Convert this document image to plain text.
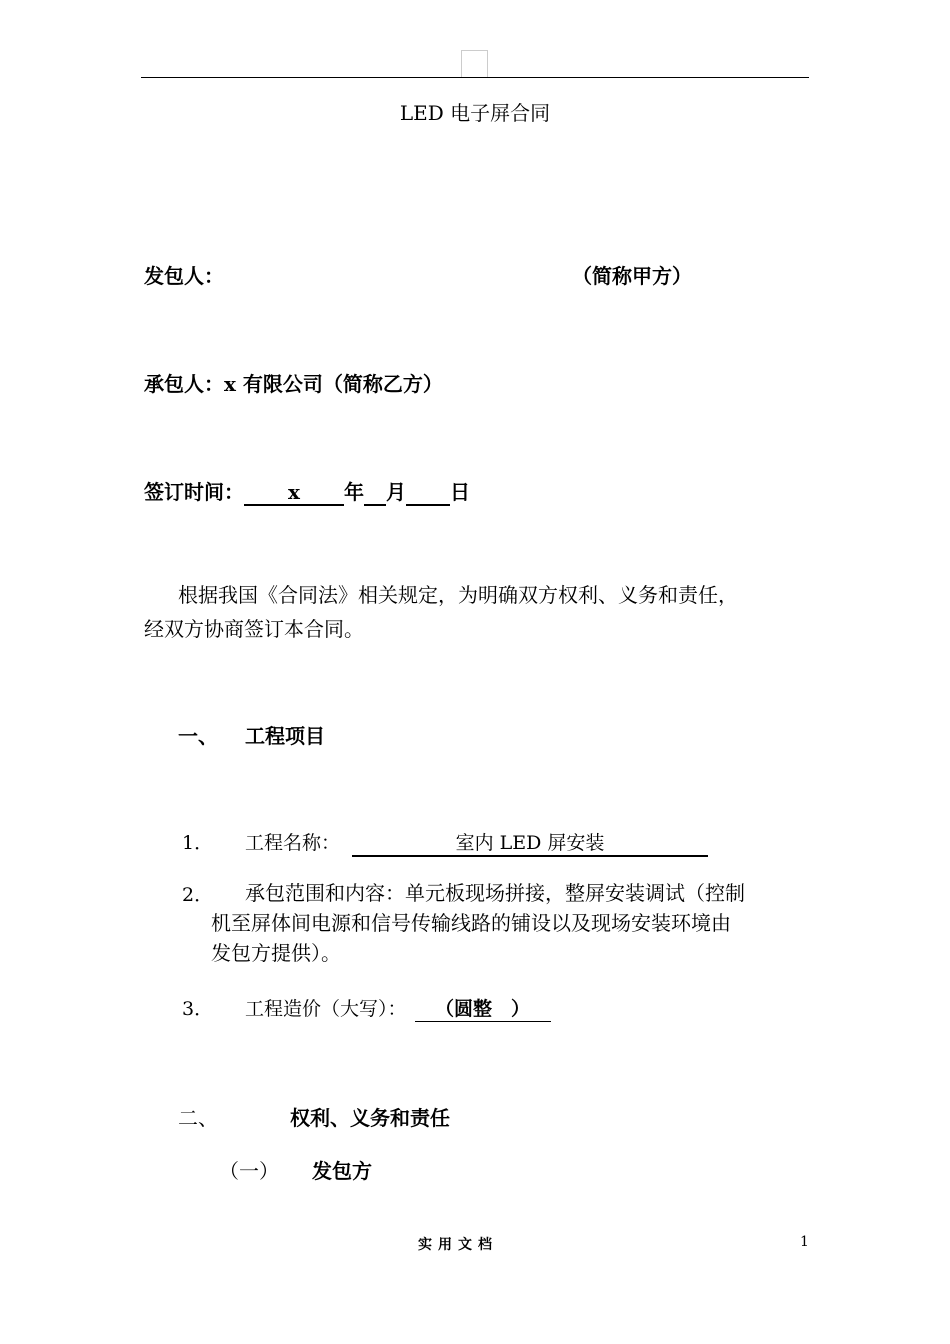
LED 电子屏合同
发包人：	（简称甲方）
承包人：x 有限公司（简称乙方）
签订时间： x 年 月 日
根据我国《合同法》相关规定，为明确双方权利、义务和责任，
经双方协商签订本合同。
一、 工程项目
1． 工程名称：	室内 LED 屏安装
2． 承包范围和内容：单元板现场拼接，整屏安装调试（控制
机至屏体间电源和信号传输线路的铺设以及现场安装环境由
发包方提供）。
3． 工程造价（大写）： （圆整　）
二、	权利、义务和责任
（一） 发包方
实用文档	1
